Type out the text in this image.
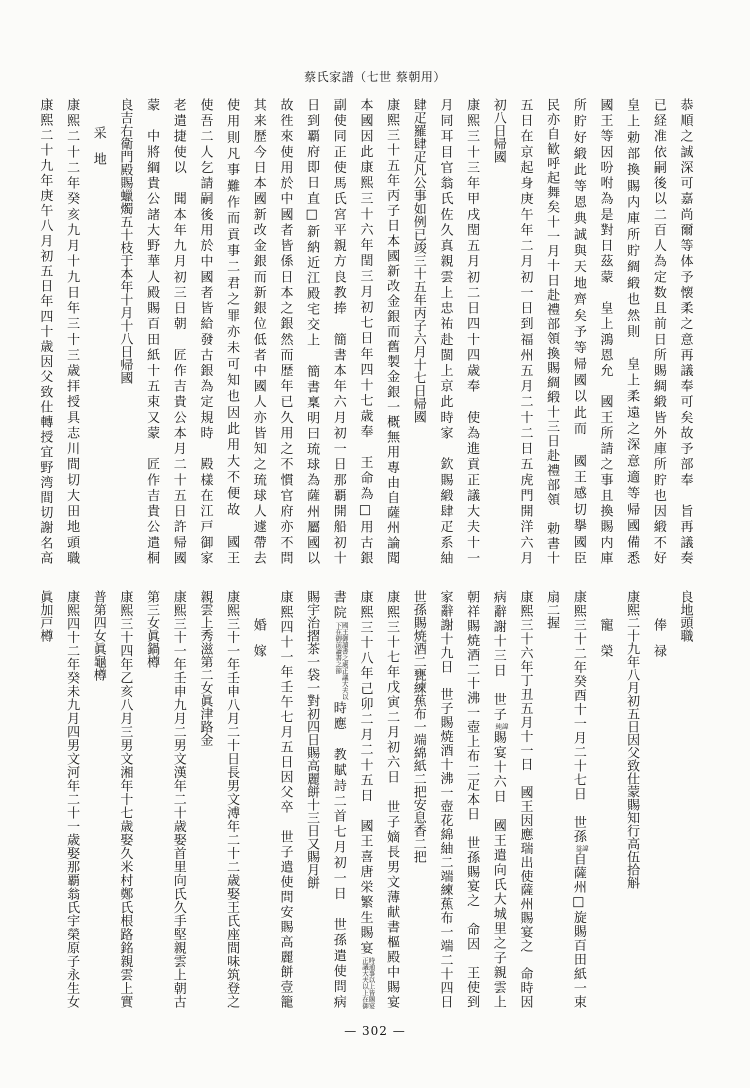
蔡氏家譜（七世 蔡朝用）
— 302 —
恭順之誠深可嘉尚爾等体予懐柔之意再議奉可矣故予部奉　旨再議奏
已経准依嗣後以二百人為定数且前日所賜綢緞皆外庫所貯也因緞不好
皇上勅部換賜内庫所貯綢緞也然則　皇上柔遠之深意適等帰國備悉
國王等因吩咐為是對日茲蒙　皇上鴻恩允　國王所請之事且換賜内庫
所貯好緞此等恩典誠與天地齊矣予等帰國以此而　國王感切擧國臣
民亦自歓呼起舞矣十一月十日赴禮部領換賜綢緞十三日赴禮部領　勅書十
五日在京起身庚午年二月初一日到福州五月二十二日五虎門開洋六月
初八日帰國
康熙三十三年甲戌閏五月初二日四十四歳奉　使為進貢正議大夫十一
月同耳目官翁氏佐久真親雲上忠祐赴閩上京此時家　欽賜緞肆疋系紬
肆疋羅肆疋凡公事如例已竣三十五年丙子六月十七日帰國
康熙三十五年丙子日本國新改金銀而舊製金銀一概無用專由自薩州論聞
本國因此康熙三十六年閏三月初七日年四十七歳奉　王命為□用古銀
副使同正使馬氏宮平親方良教捧　簡書本年六月初一日那覇開船初十
日到覇府即日直□新納近江殿宅交上　簡書稟明曰琉球為薩州屬國以
故徃來使用於中國者皆係日本之銀然而歴年已久用之不慣官府亦不問
其来歴今日本國新改金銀而新銀位低者中國人亦皆知之琉球人遽帶去
使用則凡事難作而貢事二君之罪亦未可知也因此用大不便故　國王
使吾二人乞請嗣後用於中國者皆給發古銀為定規時　殿樣在江戸御家
老遣捷使以　聞本年九月初三日朝　匠作吉貴公本月二十五日許帰國
蒙　中將綱貴公諸大野華人殿賜百田紙十五束又蒙　匠作吉貴公遣桐
良吉右衛門殿賜蠟燭五十枝于本年十月十八日帰國
采　地
康熙二十二年癸亥九月十九日年三十三歳拝授具志川間切大田地頭職
康熙二十九年庚午八月初五日年四十歳因父致仕轉授宜野湾間切謝名高
良地頭職
俸　禄
康熙二十九年八月初五日因父致仕蒙賜知行高伍拾斛
寵　榮
康熙三十二年癸酉十一月二十七日　世孫
諱
益
自薩州□旋賜百田紙一束
扇二握
康熙三十六年丁丑五月十一日　國王因應瑞出使薩州賜宴之　命時因
病辭謝十三日　世子
諱
純
賜宴十六日　國王遣向氏大城里之子親雲上
朝祥賜焼酒二十沸一壺上布二疋本日　世孫賜宴之　命因　王使到
家辭謝十九日　世子賜焼酒十沸一壺花綿紬二端練蕉布一端二十四日
世孫賜焼酒二甕練蕉布一端綿紙二把安息香二把
康熙三十七年戊寅二月初六日　世子嫡長男文薄献書樞殿中賜宴
康熙三十八年己卯二月二十五日　國王喜唐栄繁生賜宴
時通事以上皆賜宴
正議大夫以上在御
書院
國王御讀書之處正議大夫以
下在御前讀書之節
時應　教賦詩二首七月初一日　世孫遣使問病
賜宇治摺茶一袋一對初四日賜高麗餅十三日又賜月餅
康熙四十一年壬午七月五日因父卒　世子遣使問安賜高麗餅壹籠
婚　嫁
康熙三十一年壬申八月二十日長男文溥年二十二歳娶王氏座間味筑登之
親雲上秀滋第二女眞津路金
康熙三十一年壬申九月二男文漢年二十歳娶首里向氏久手堅親雲上朝古
第三女眞鍋樽
康熙三十四年乙亥八月三男文湘年十七歳娶久米村鄭氏根路銘親雲上實
普第四女眞龜樽
康熙四十二年癸未九月四男文河年二十一歳娶那覇翁氏宇榮原子永生女
眞加戸樽
